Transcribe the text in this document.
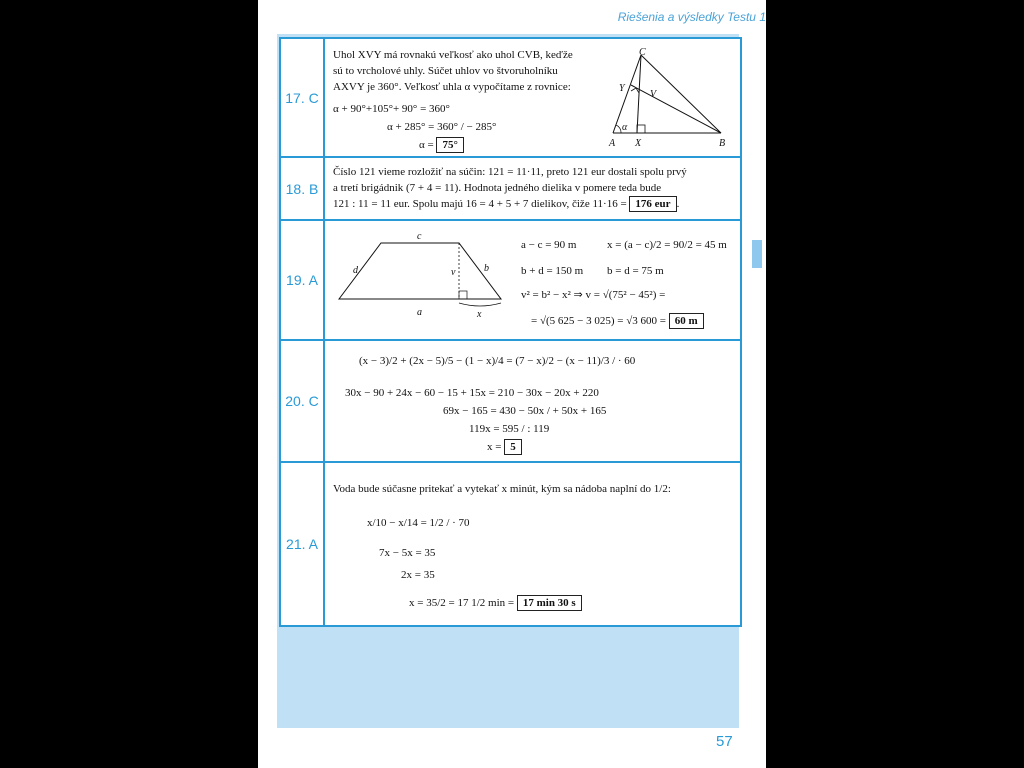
Riešenia a výsledky Testu 1
17. C
Uhol XVY má rovnakú veľkosť ako uhol CVB, keďže
sú to vrcholové uhly. Súčet uhlov vo štvoruholníku
AXVY je 360°. Veľkosť uhla α vypočítame z rovnice:
α + 90°+105°+ 90° = 360°
α + 285° = 360° / − 285°
α = 75°
C
Y
V
α
A X	B
18. B
Číslo 121 vieme rozložiť na súčin: 121 = 11·11, preto 121 eur dostali spolu prvý
a tretí brigádnik (7 + 4 = 11). Hodnota jedného dielika v pomere teda bude
121 : 11 = 11 eur. Spolu majú 16 = 4 + 5 + 7 dielikov, čiže 11·16 = 176 eur .
19. A
c
d	v	b
a	x
a − c = 90 m	x = (a − c)/2 = 90/2 = 45 m
b + d = 150 m b = d = 75 m
v² = b² − x² ⇒ v = √(75² − 45²) =
= √(5 625 − 3 025) = √3 600 = 60 m
20. C
(x − 3)/2 + (2x − 5)/5 − (1 − x)/4 = (7 − x)/2 − (x − 11)/3 / · 60
30x − 90 + 24x − 60 − 15 + 15x = 210 − 30x − 20x + 220
69x − 165 = 430 − 50x / + 50x + 165
119x = 595 / : 119
x = 5
21. A
Voda bude súčasne pritekať a vytekať x minút, kým sa nádoba naplní do 1/2:
x/10 − x/14 = 1/2 / · 70
7x − 5x = 35
2x = 35
x = 35/2 = 17 1/2 min = 17 min 30 s
57
